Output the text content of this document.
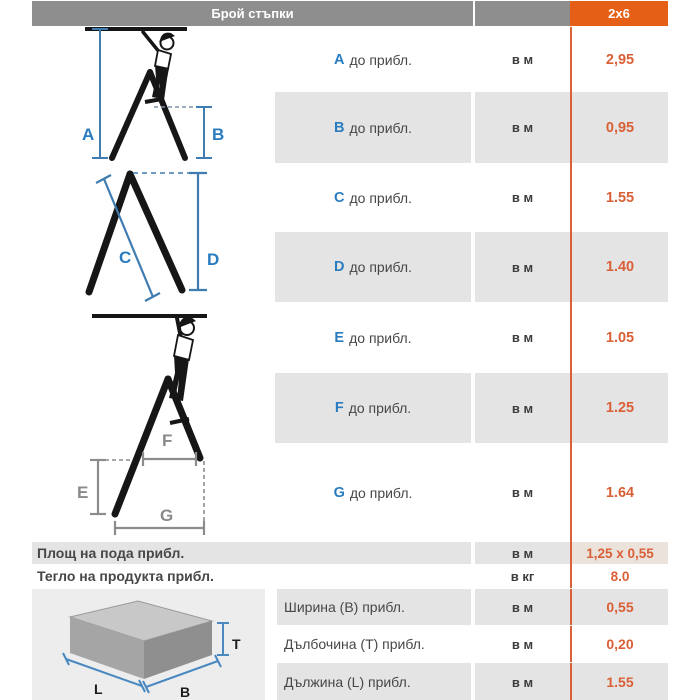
Брой стъпки	2x6
A до прибл.	в м	2,95
B до прибл.	в м	0,95
C до прибл.	в м	1.55
D до прибл.	в м	1.40
E до прибл.	в м	1.05
F до прибл.	в м	1.25
G до прибл.	в м	1.64
Площ на пода прибл.	в м	1,25 x 0,55
Тегло на продукта прибл.	в кг	8.0
Ширина (B) прибл.	в м	0,55
Дълбочина (T) прибл.	в м	0,20
Дължина (L) прибл.	в м	1.55
A	B
C	D
F
E
G
T
L	B
